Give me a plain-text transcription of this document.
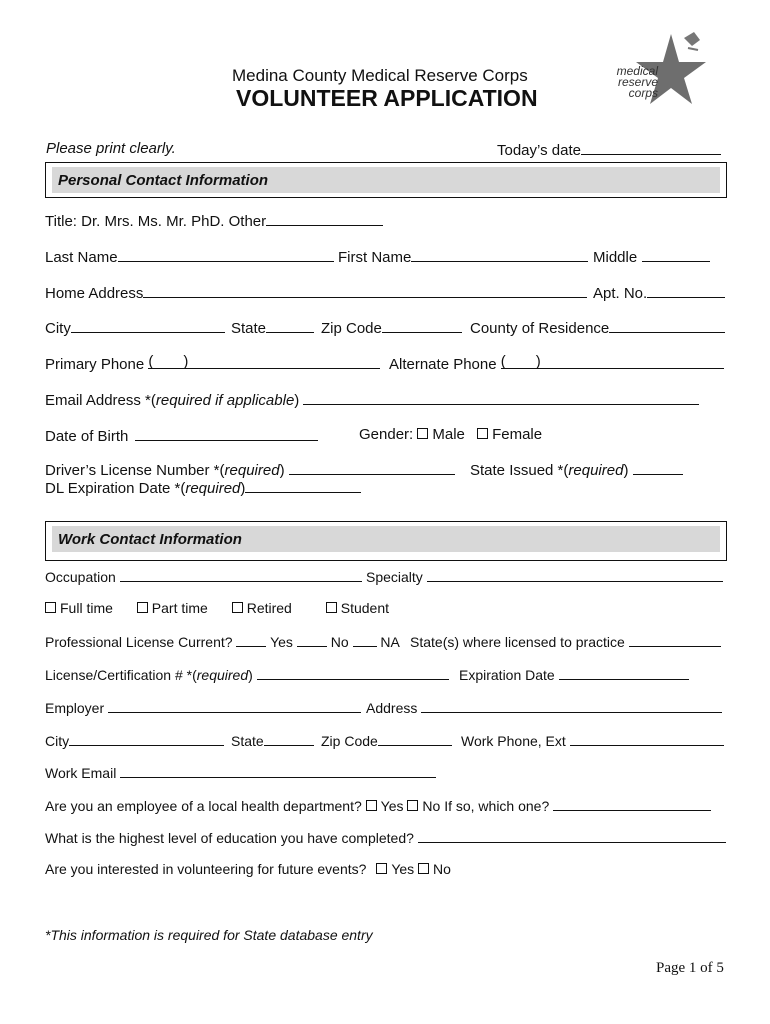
Medina County Medical Reserve Corps
VOLUNTEER APPLICATION
medical
reserve
corps
Please print clearly.	Today’s date
Personal Contact Information
Title: Dr. Mrs. Ms. Mr. PhD. Other
Last Name	First Name	Middle
Home Address	Apt. No.
City	State	Zip Code	County of Residence
Primary Phone ( )	Alternate Phone ( )
Email Address *(required if applicable)
Date of Birth	Gender: Male Female
Driver’s License Number *(required)	State Issued *(required)
DL Expiration Date *(required)
Work Contact Information
Occupation	Specialty
Full time	Part time	Retired	Student
Professional License Current?	Yes	No NA State(s) where licensed to practice
License/Certification # *(required)	Expiration Date
Employer	Address
City	State	Zip Code	Work Phone, Ext
Work Email
Are you an employee of a local health department? Yes No If so, which one?
What is the highest level of education you have completed?
Are you interested in volunteering for future events? Yes No
*This information is required for State database entry
Page 1 of 5
